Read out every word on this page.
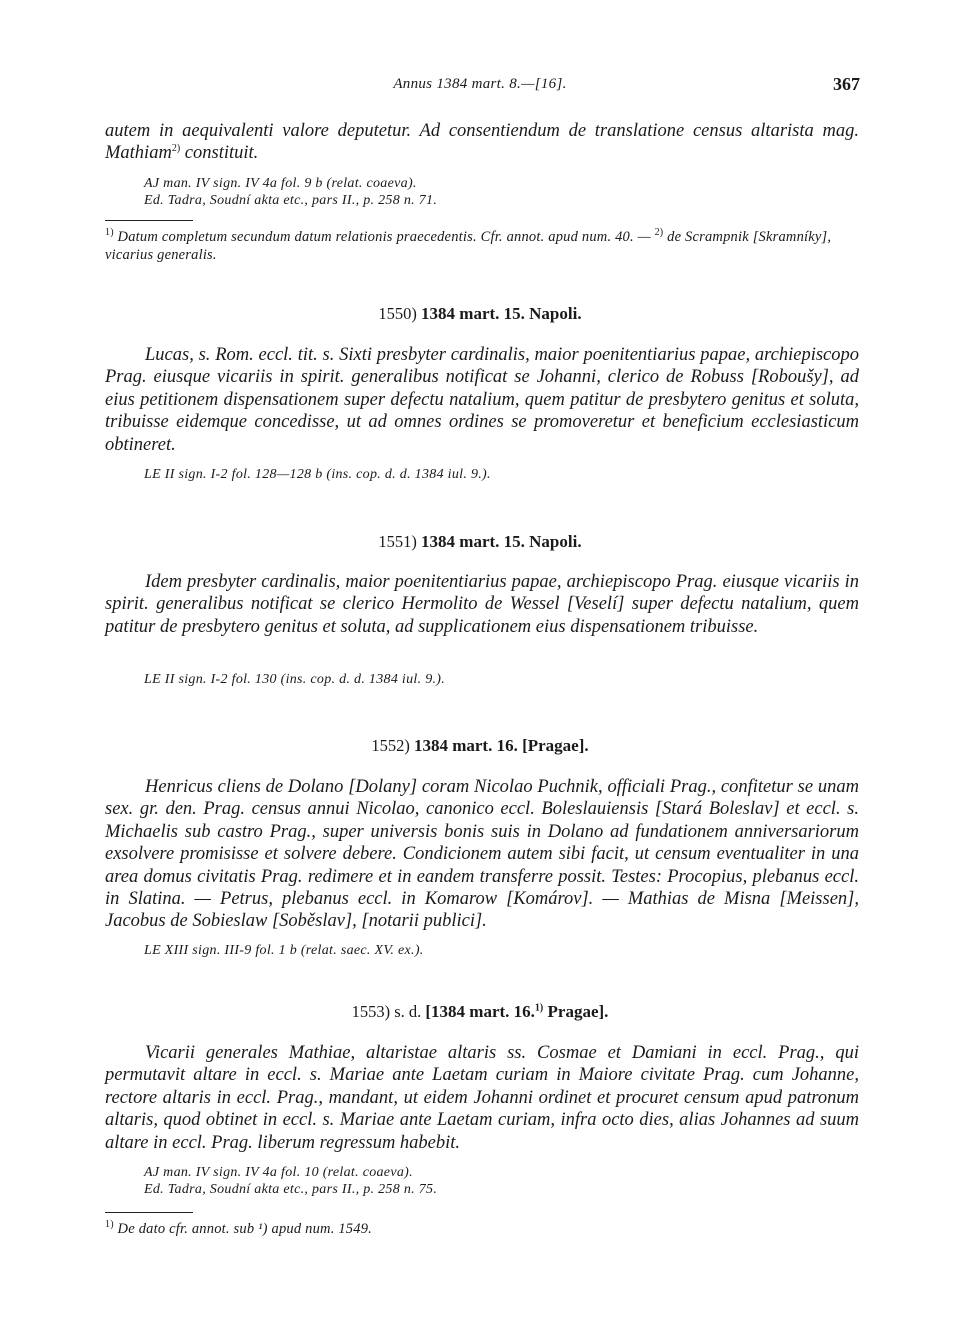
Annus 1384 mart. 8.—[16].	367

autem in aequivalenti valore deputetur. Ad consentiendum de translatione census altarista mag. Mathiam$^{2)}$ constituit.

AJ man. IV sign. IV 4a fol. 9 b (relat. coaeva).
Ed. Tadra, Soudní akta etc., pars II., p. 258 n. 71.

$^{1)}$ Datum completum secundum datum relationis praecedentis. Cfr. annot. apud num. 40. — $^{2)}$ de Scrampnik [Skramníky], vicarius generalis.

1550) 1384 mart. 15. Napoli.

Lucas, s. Rom. eccl. tit. s. Sixti presbyter cardinalis, maior poenitentiarius papae, archiepiscopo Prag. eiusque vicariis in spirit. generalibus notificat se Johanni, clerico de Robuss [Roboušy], ad eius petitionem dispensationem super defectu natalium, quem patitur de presbytero genitus et soluta, tribuisse eidemque concedisse, ut ad omnes ordines se promoveretur et beneficium ecclesiasticum obtineret.

LE II sign. I-2 fol. 128—128 b (ins. cop. d. d. 1384 iul. 9.).
1551) 1384 mart. 15. Napoli.

Idem presbyter cardinalis, maior poenitentiarius papae, archiepiscopo Prag. eiusque vicariis in spirit. generalibus notificat se clerico Hermolito de Wessel [Veselí] super defectu natalium, quem patitur de presbytero genitus et soluta, ad supplicationem eius dispensationem tribuisse.

LE II sign. I-2 fol. 130 (ins. cop. d. d. 1384 iul. 9.).
1552) 1384 mart. 16. [Pragae].

Henricus cliens de Dolano [Dolany] coram Nicolao Puchnik, officiali Prag., confitetur se unam sex. gr. den. Prag. census annui Nicolao, canonico eccl. Boleslauiensis [Stará Boleslav] et eccl. s. Michaelis sub castro Prag., super universis bonis suis in Dolano ad fundationem anniversariorum exsolvere promisisse et solvere debere. Condicionem autem sibi facit, ut censum eventualiter in una area domus civitatis Prag. redimere et in eandem transferre possit. Testes: Procopius, plebanus eccl. in Slatina. — Petrus, plebanus eccl. in Komarow [Komárov]. — Mathias de Misna [Meissen], Jacobus de Sobieslaw [Soběslav], [notarii publici].

LE XIII sign. III-9 fol. 1 b (relat. saec. XV. ex.).
1553) s. d. [1384 mart. 16.$^{1)}$ Pragae].

Vicarii generales Mathiae, altaristae altaris ss. Cosmae et Damiani in eccl. Prag., qui permutavit altare in eccl. s. Mariae ante Laetam curiam in Maiore civitate Prag. cum Johanne, rectore altaris in eccl. Prag., mandant, ut eidem Johanni ordinet et procuret censum apud patronum altaris, quod obtinet in eccl. s. Mariae ante Laetam curiam, infra octo dies, alias Johannes ad suum altare in eccl. Prag. liberum regressum habebit.

AJ man. IV sign. IV 4a fol. 10 (relat. coaeva).
Ed. Tadra, Soudní akta etc., pars II., p. 258 n. 75.

$^{1)}$ De dato cfr. annot. sub ¹) apud num. 1549.
